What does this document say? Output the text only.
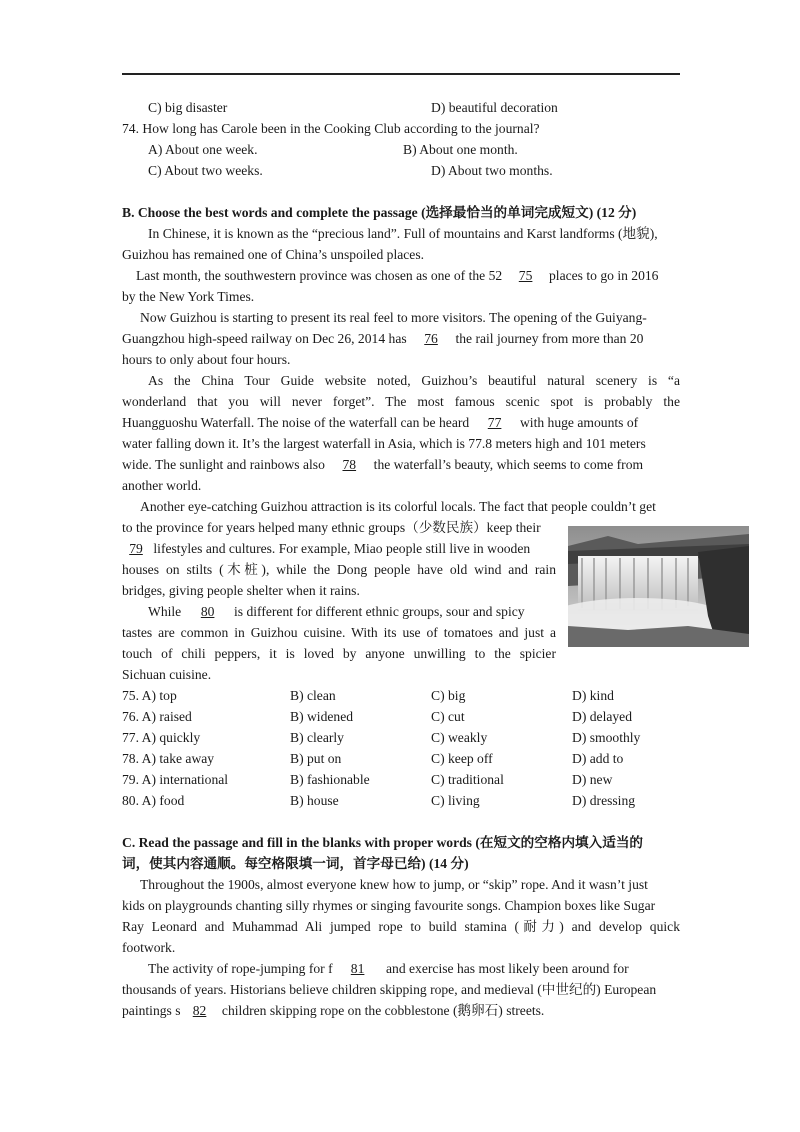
C) big disaster	D) beautiful decoration
74. How long has Carole been in the Cooking Club according to the journal?
A) About one week.	B) About one month.
C) About two weeks.	D) About two months.
B. Choose the best words and complete the passage (选择最恰当的单词完成短文) (12 分)
In Chinese, it is known as the “precious land”. Full of mountains and Karst landforms (地貌),
Guizhou has remained one of China’s unspoiled places.
Last month, the southwestern province was chosen as one of the 52 75 places to go in 2016
by the New York Times.
Now Guizhou is starting to present its real feel to more visitors. The opening of the Guiyang-
Guangzhou high-speed railway on Dec 26, 2014 has 76 the rail journey from more than 20
hours to only about four hours.
As the China Tour Guide website noted, Guizhou’s beautiful natural scenery is “a
wonderland that you will never forget”. The most famous scenic spot is probably the
Huangguoshu Waterfall. The noise of the waterfall can be heard 77 with huge amounts of
water falling down it. It’s the largest waterfall in Asia, which is 77.8 meters high and 101 meters
wide. The sunlight and rainbows also 78 the waterfall’s beauty, which seems to come from
another world.
Another eye-catching Guizhou attraction is its colorful locals. The fact that people couldn’t get
to the province for years helped many ethnic groups（少数民族）keep their
79 lifestyles and cultures. For example, Miao people still live in wooden
houses on stilts (木桩), while the Dong people have old wind and rain
bridges, giving people shelter when it rains.
While 80 is different for different ethnic groups, sour and spicy
tastes are common in Guizhou cuisine. With its use of tomatoes and just a
touch of chili peppers, it is loved by anyone unwilling to the spicier
Sichuan cuisine.
75. A) top	B) clean	C) big	D) kind
76. A) raised	B) widened	C) cut	D) delayed
77. A) quickly	B) clearly	C) weakly	D) smoothly
78. A) take away	B) put on	C) keep off	D) add to
79. A) international	B) fashionable	C) traditional	D) new
80. A) food	B) house	C) living	D) dressing
C. Read the passage and fill in the blanks with proper words (在短文的空格内填入适当的
词，使其内容通顺。每空格限填一词，首字母已给) (14 分)
Throughout the 1900s, almost everyone knew how to jump, or “skip” rope. And it wasn’t just
kids on playgrounds chanting silly rhymes or singing favourite songs. Champion boxes like Sugar
Ray Leonard and Muhammad Ali jumped rope to build stamina (耐力) and develop quick
footwork.
The activity of rope-jumping for f 81 and exercise has most likely been around for
thousands of years. Historians believe children skipping rope, and medieval (中世纪的) European
paintings s 82 children skipping rope on the cobblestone (鹅卵石) streets.
